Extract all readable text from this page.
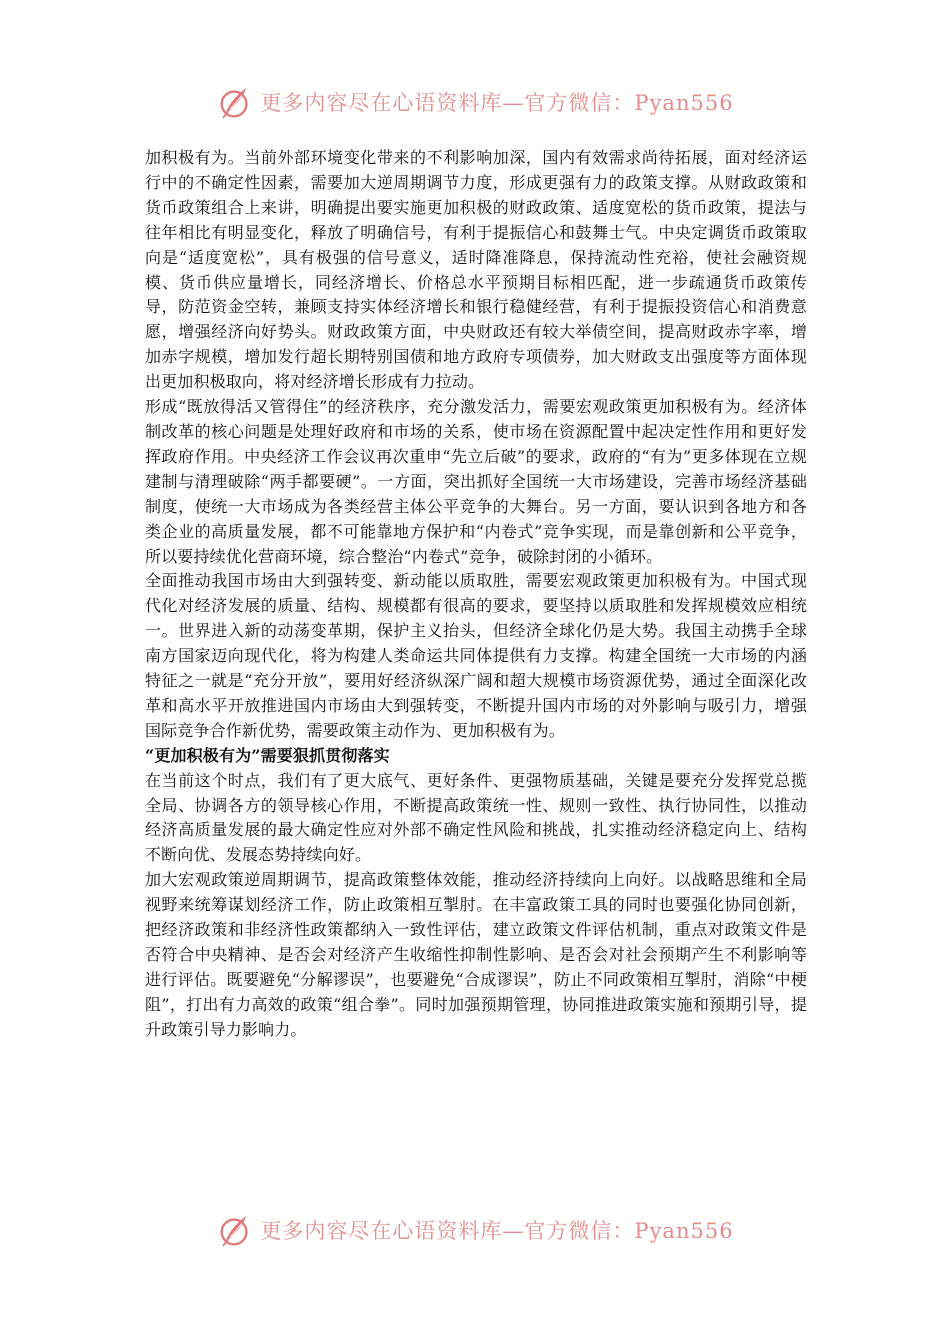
更多内容尽在心语资料库—官方微信：Pyan556

加积极有为。当前外部环境变化带来的不利影响加深，国内有效需求尚待拓展，面对经济运行中的不确定性因素，需要加大逆周期调节力度，形成更强有力的政策支撑。从财政政策和货币政策组合上来讲，明确提出要实施更加积极的财政政策、适度宽松的货币政策，提法与往年相比有明显变化，释放了明确信号，有利于提振信心和鼓舞士气。中央定调货币政策取向是“适度宽松”，具有极强的信号意义，适时降准降息，保持流动性充裕，使社会融资规模、货币供应量增长，同经济增长、价格总水平预期目标相匹配，进一步疏通货币政策传导，防范资金空转，兼顾支持实体经济增长和银行稳健经营，有利于提振投资信心和消费意愿，增强经济向好势头。财政政策方面，中央财政还有较大举债空间，提高财政赤字率，增加赤字规模，增加发行超长期特别国债和地方政府专项债券，加大财政支出强度等方面体现出更加积极取向，将对经济增长形成有力拉动。

形成“既放得活又管得住”的经济秩序，充分激发活力，需要宏观政策更加积极有为。经济体制改革的核心问题是处理好政府和市场的关系，使市场在资源配置中起决定性作用和更好发挥政府作用。中央经济工作会议再次重申“先立后破”的要求，政府的“有为”更多体现在立规建制与清理破除“两手都要硬”。一方面，突出抓好全国统一大市场建设，完善市场经济基础制度，使统一大市场成为各类经营主体公平竞争的大舞台。另一方面，要认识到各地方和各类企业的高质量发展，都不可能靠地方保护和“内卷式”竞争实现，而是靠创新和公平竞争，所以要持续优化营商环境，综合整治“内卷式”竞争，破除封闭的小循环。

全面推动我国市场由大到强转变、新动能以质取胜，需要宏观政策更加积极有为。中国式现代化对经济发展的质量、结构、规模都有很高的要求，要坚持以质取胜和发挥规模效应相统一。世界进入新的动荡变革期，保护主义抬头，但经济全球化仍是大势。我国主动携手全球南方国家迈向现代化，将为构建人类命运共同体提供有力支撑。构建全国统一大市场的内涵特征之一就是“充分开放”，要用好经济纵深广阔和超大规模市场资源优势，通过全面深化改革和高水平开放推进国内市场由大到强转变，不断提升国内市场的对外影响与吸引力，增强国际竞争合作新优势，需要政策主动作为、更加积极有为。

“更加积极有为”需要狠抓贯彻落实

在当前这个时点，我们有了更大底气、更好条件、更强物质基础，关键是要充分发挥党总揽全局、协调各方的领导核心作用，不断提高政策统一性、规则一致性、执行协同性，以推动经济高质量发展的最大确定性应对外部不确定性风险和挑战，扎实推动经济稳定向上、结构不断向优、发展态势持续向好。

加大宏观政策逆周期调节，提高政策整体效能，推动经济持续向上向好。以战略思维和全局视野来统筹谋划经济工作，防止政策相互掣肘。在丰富政策工具的同时也要强化协同创新，把经济政策和非经济性政策都纳入一致性评估，建立政策文件评估机制，重点对政策文件是否符合中央精神、是否会对经济产生收缩性抑制性影响、是否会对社会预期产生不利影响等进行评估。既要避免“分解谬误”，也要避免“合成谬误”，防止不同政策相互掣肘，消除“中梗阻”，打出有力高效的政策“组合拳”。同时加强预期管理，协同推进政策实施和预期引导，提升政策引导力影响力。

更多内容尽在心语资料库—官方微信：Pyan556
